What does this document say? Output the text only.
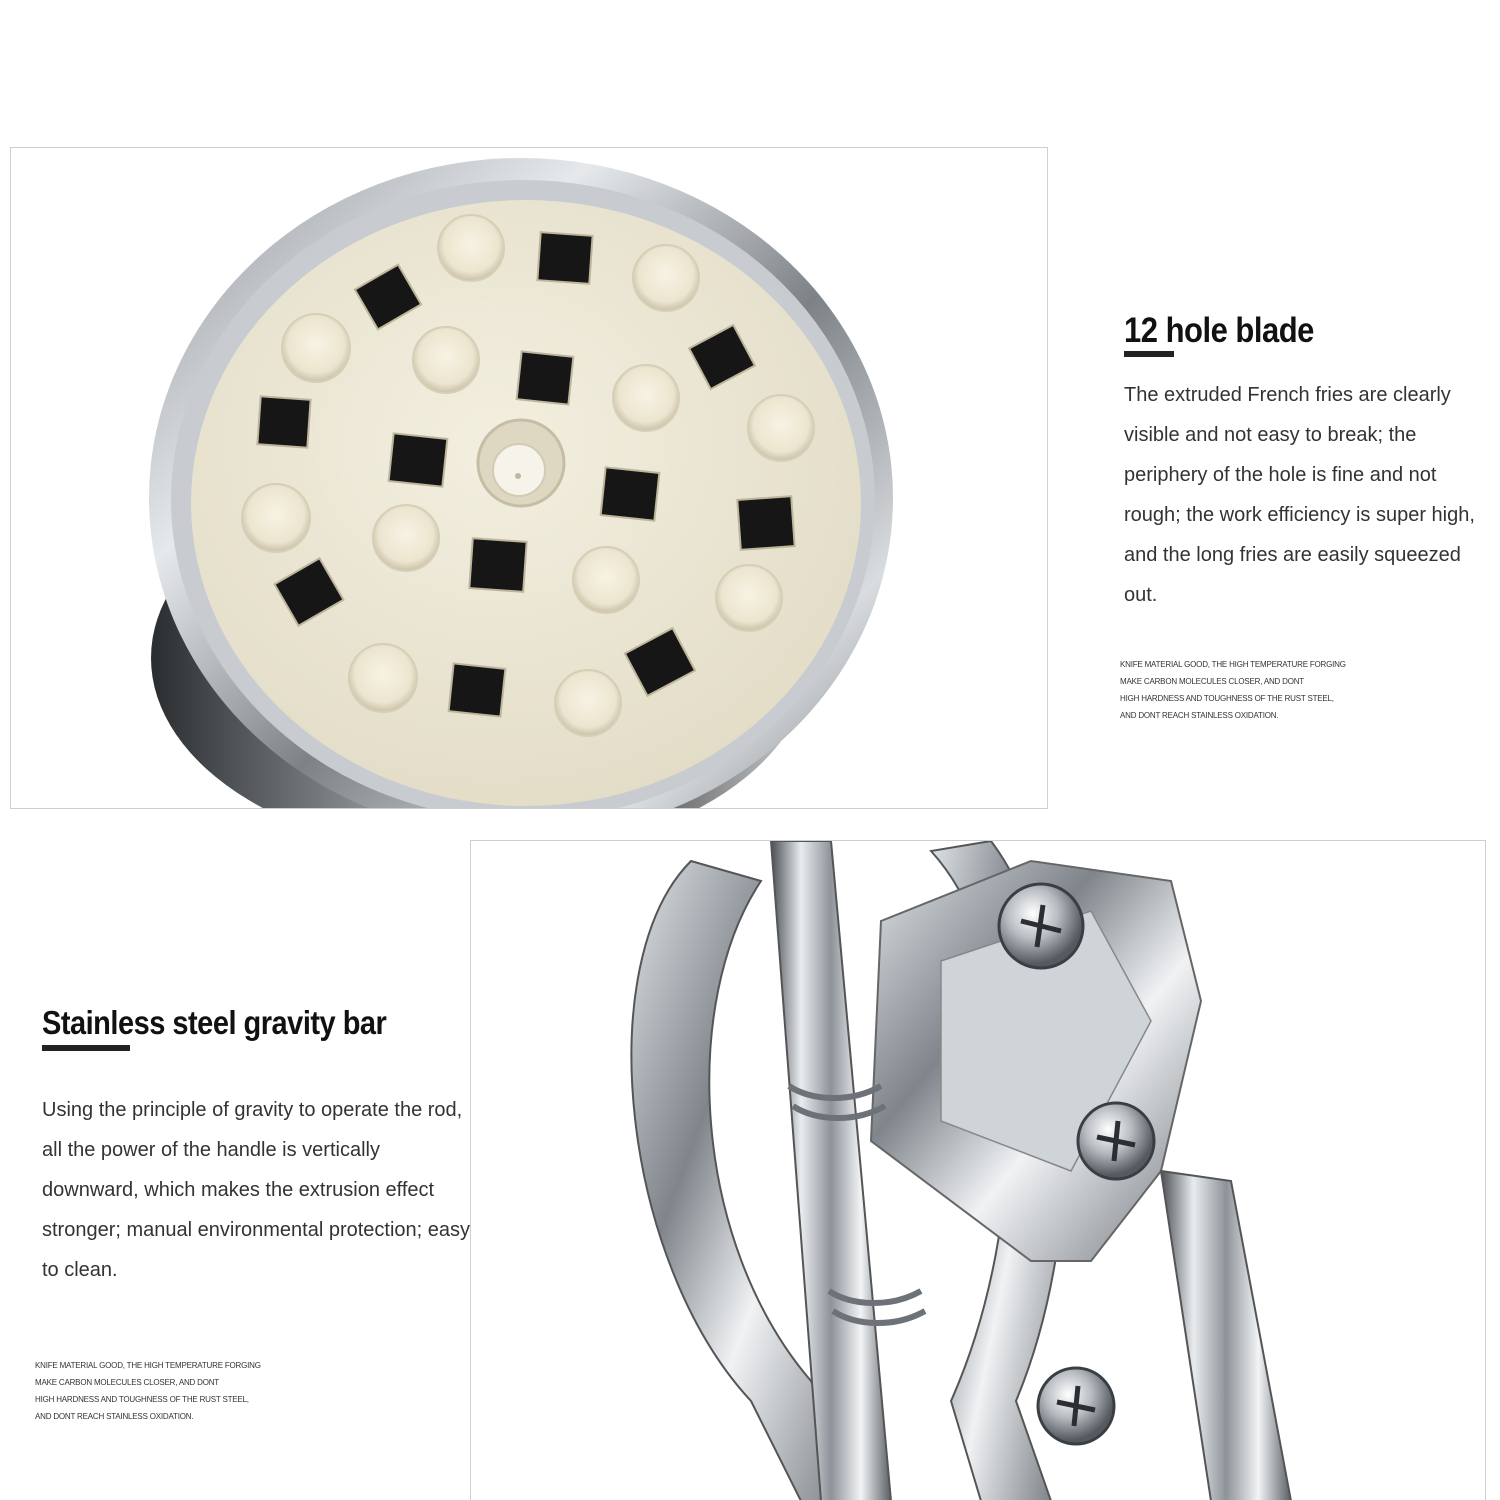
12 hole blade

The extruded French fries are clearly visible and not easy to break; the periphery of the hole is fine and not rough; the work efficiency is super high, and the long fries are easily squeezed out.

KNIFE MATERIAL GOOD, THE HIGH TEMPERATURE FORGING
MAKE CARBON MOLECULES CLOSER, AND DONT
HIGH HARDNESS AND TOUGHNESS OF THE RUST STEEL,
AND DONT REACH STAINLESS OXIDATION.

Stainless steel gravity bar

Using the principle of gravity to operate the rod, all the power of the handle is vertically downward, which makes the extrusion effect stronger; manual environmental protection; easy to clean.

KNIFE MATERIAL GOOD, THE HIGH TEMPERATURE FORGING
MAKE CARBON MOLECULES CLOSER, AND DONT
HIGH HARDNESS AND TOUGHNESS OF THE RUST STEEL,
AND DONT REACH STAINLESS OXIDATION.
